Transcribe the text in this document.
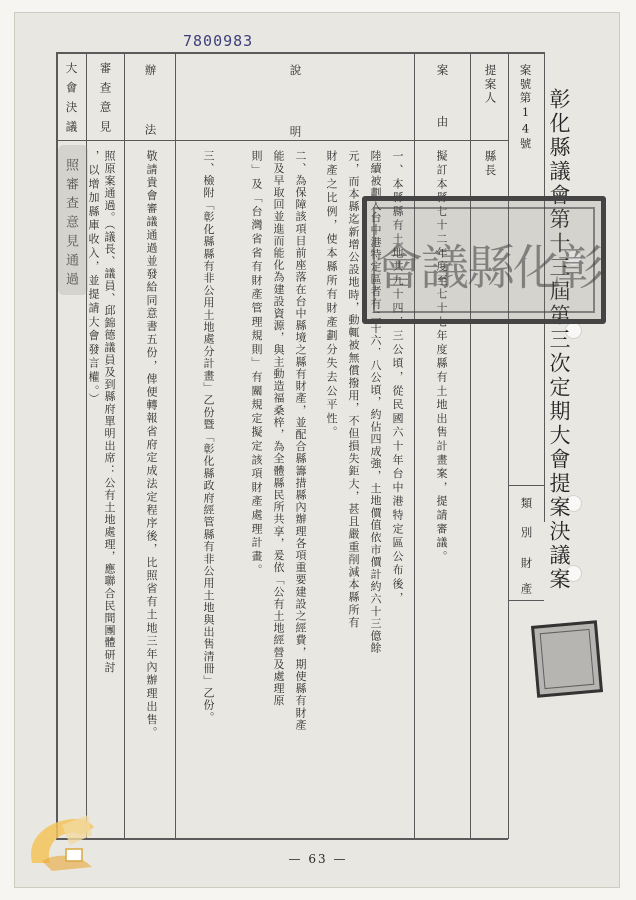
7800983
彰化縣議會第十三屆第三次定期大會提案決議案
案號第14號
提案人
縣長
案由
擬訂本縣七十二年度至七十七年度縣有土地出售計畫案，提請審議。
說明
辦法
審查意見
大會決議
類別
財產
一、本縣縣有土地共九十四．三公頃，從民國六十年台中港特定區公布後，
陸續被劃入台中港特定區者有二十六．八公頃，約佔四成強，土地價值依市價計約六十三億餘
元，而本縣迄新增公設地時，動輒被無償撥用，不但損失鉅大，甚且嚴重削減本縣所有
財產之比例，使本縣所有財產劃分失去公平性。
二、為保障該項目前座落在台中縣境之縣有財產，並配合縣籌措縣內辦理各項重要建設之經費，期使縣有財產
能及早取回並進而能化為建設資源，與主動造福桑梓，為全體縣民所共享，爰依「公有土地經營及處理原
則」及「台灣省省有財產管理規則」有關規定擬定該項財產處理計畫。
三、檢附「彰化縣縣有非公用土地處分計畫」乙份暨「彰化縣政府經管縣有非公用土地與出售清冊」乙份。
敬請貴會審議通過並發給同意書五份，俾便轉報省府定成法定程序後，比照省有土地三年內辦理出售。
照原案通過。（議長、議員、邱錦德議員及到縣府單明出席：公有土地處理，應聯合民間團體研討
，以增加縣庫收入，並提請大會發言權。）
照審查意見通過	會
議
縣
化
彰
— 63 —
